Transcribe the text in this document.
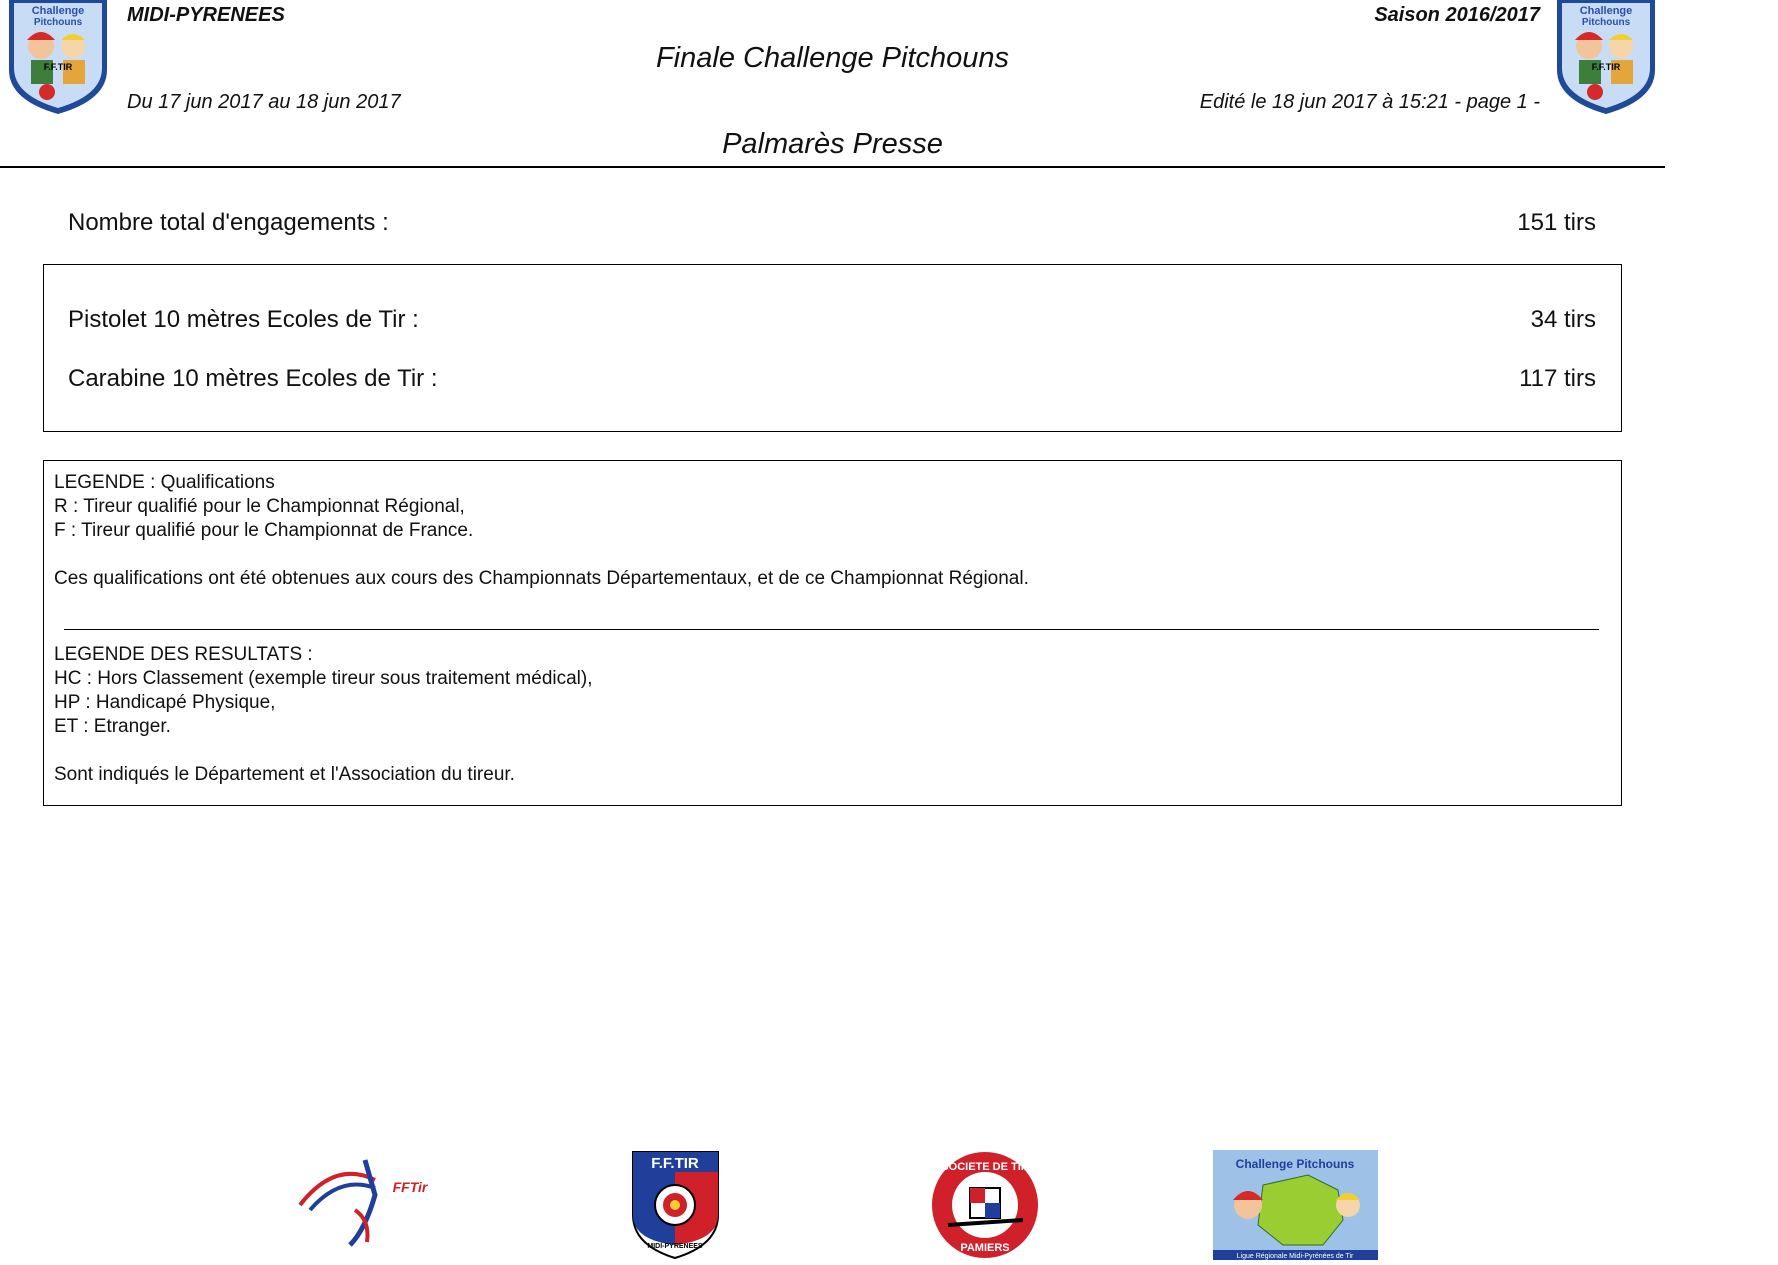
Challenge
Pitchouns
F.F.TIR
Challenge
Pitchouns
F.F.TIR
MIDI-PYRENEES	Saison 2016/2017
Finale Challenge Pitchouns
Du 17 jun 2017 au 18 jun 2017	Edité le 18 jun 2017 à 15:21 - page 1 -
Palmarès Presse
Nombre total d'engagements :	151 tirs
Pistolet 10 mètres Ecoles de Tir :	34 tirs
Carabine 10 mètres Ecoles de Tir :	117 tirs
LEGENDE : Qualifications
R : Tireur qualifié pour le Championnat Régional,
F : Tireur qualifié pour le Championnat de France.
Ces qualifications ont été obtenues aux cours des Championnats Départementaux, et de ce Championnat Régional.
LEGENDE DES RESULTATS :
HC : Hors Classement (exemple tireur sous traitement médical),
HP : Handicapé Physique,
ET : Etranger.
Sont indiqués le Département et l'Association du tireur.
FFTir
F.F.TIR
MIDI-PYRENEES
SOCIETE DE TIR
PAMIERS
Challenge Pitchouns
Ligue Régionale Midi-Pyrénées de Tir
